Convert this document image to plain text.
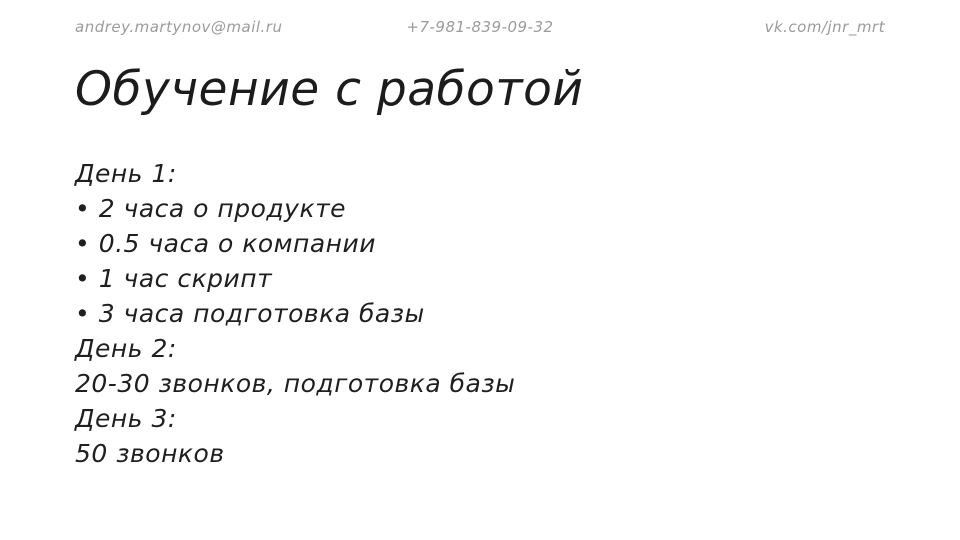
andrey.martynov@mail.ru	+7-981-839-09-32	vk.com/jnr_mrt
Обучение с работой
День 1:
• 2 часа о продукте
• 0.5 часа о компании
• 1 час скрипт
• 3 часа подготовка базы
День 2:
20-30 звонков, подготовка базы
День 3:
50 звонков
